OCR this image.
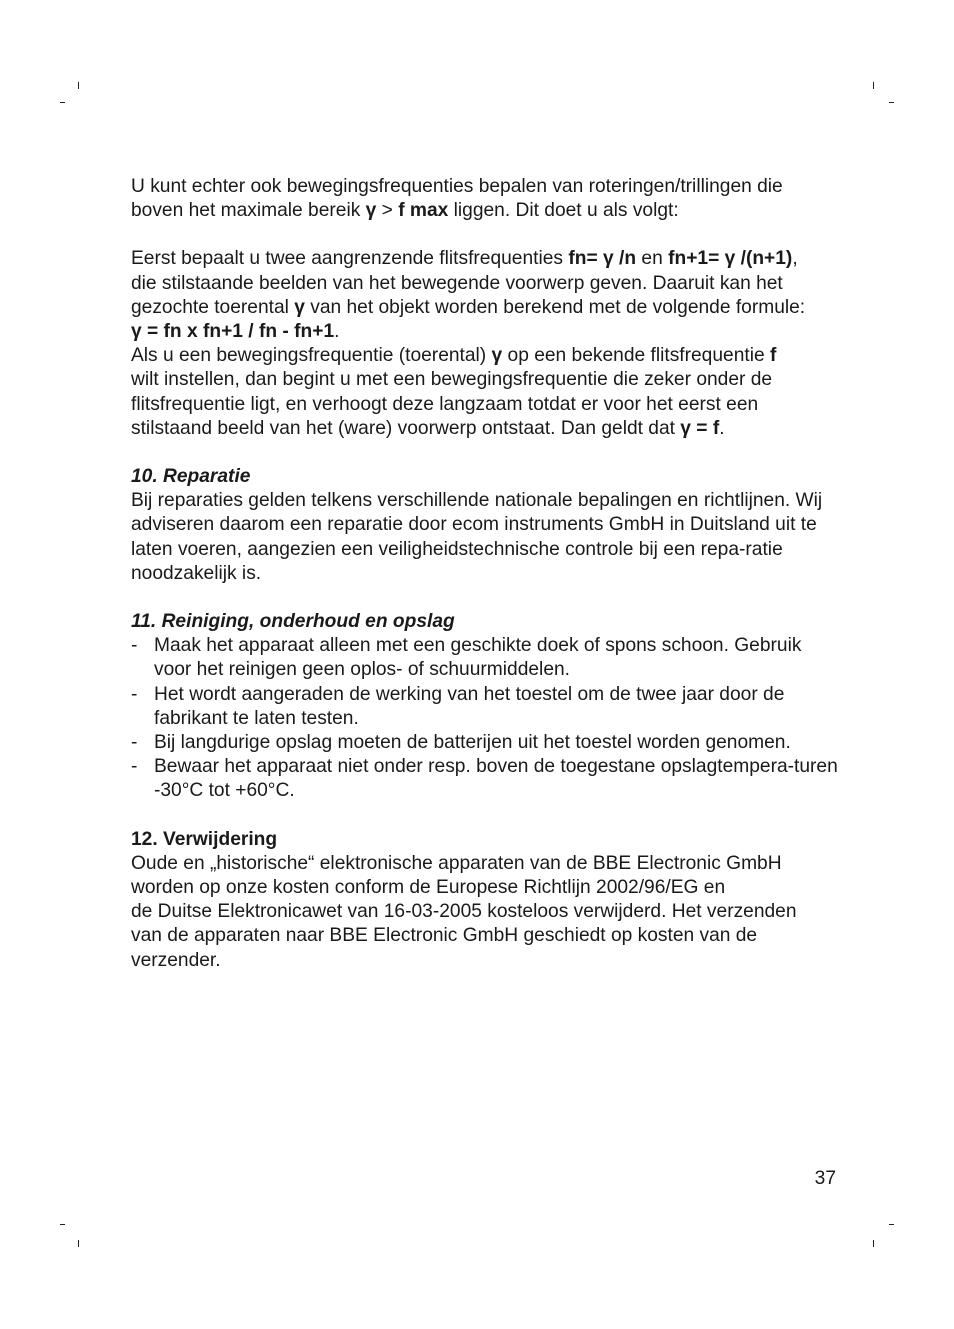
U kunt echter ook bewegingsfrequenties bepalen van roteringen/trillingen die
boven het maximale bereik γ > f max liggen. Dit doet u als volgt:

Eerst bepaalt u twee aangrenzende flitsfrequenties fn= γ /n en fn+1= γ /(n+1),
die stilstaande beelden van het bewegende voorwerp geven. Daaruit kan het
gezochte toerental γ van het objekt worden berekend met de volgende formule:
γ = fn x fn+1 / fn - fn+1.
Als u een bewegingsfrequentie (toerental) γ op een bekende flitsfrequentie f
wilt instellen, dan begint u met een bewegingsfrequentie die zeker onder de
flitsfrequentie ligt, en verhoogt deze langzaam totdat er voor het eerst een
stilstaand beeld van het (ware) voorwerp ontstaat. Dan geldt dat γ = f.

10. Reparatie

Bij reparaties gelden telkens verschillende nationale bepalingen en richtlijnen. Wij adviseren daarom een reparatie door ecom instruments GmbH in Duitsland uit te laten voeren, aangezien een veiligheidstechnische controle bij een repa-ratie noodzakelijk is.

11. Reiniging, onderhoud en opslag
- Maak het apparaat alleen met een geschikte doek of spons schoon. Gebruik voor het reinigen geen oplos- of schuurmiddelen.
- Het wordt aangeraden de werking van het toestel om de twee jaar door de fabrikant te laten testen.
- Bij langdurige opslag moeten de batterijen uit het toestel worden genomen.
- Bewaar het apparaat niet onder resp. boven de toegestane opslagtempera-turen -30°C tot +60°C.
12. Verwijdering

Oude en „historische“ elektronische apparaten van de BBE Electronic GmbH
worden op onze kosten conform de Europese Richtlijn 2002/96/EG en
de Duitse Elektronicawet van 16-03-2005 kosteloos verwijderd. Het verzenden
van de apparaten naar BBE Electronic GmbH geschiedt op kosten van de
verzender.

37
